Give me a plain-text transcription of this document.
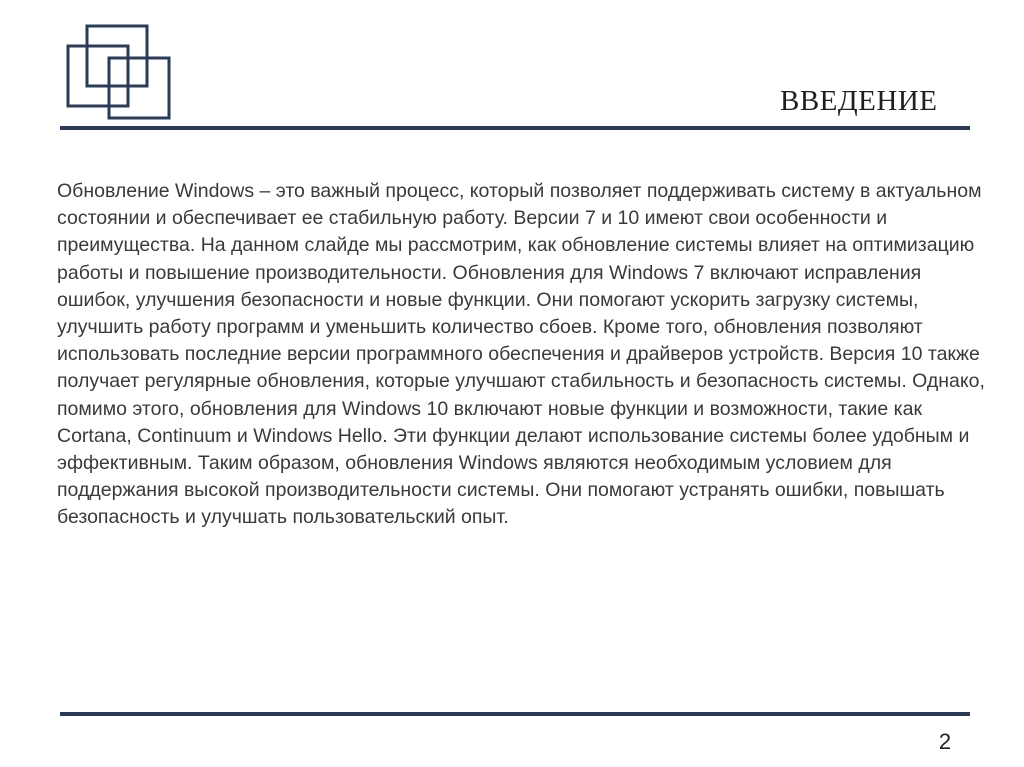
ВВЕДЕНИЕ

Обновление Windows – это важный процесс, который позволяет поддерживать систему в актуальном состоянии и обеспечивает ее стабильную работу. Версии 7 и 10 имеют свои особенности и преимущества. На данном слайде мы рассмотрим, как обновление системы влияет на оптимизацию работы и повышение производительности. Обновления для Windows 7 включают исправления ошибок, улучшения безопасности и новые функции. Они помогают ускорить загрузку системы, улучшить работу программ и уменьшить количество сбоев. Кроме того, обновления позволяют использовать последние версии программного обеспечения и драйверов устройств. Версия 10 также получает регулярные обновления, которые улучшают стабильность и безопасность системы. Однако, помимо этого, обновления для Windows 10 включают новые функции и возможности, такие как Cortana, Continuum и Windows Hello. Эти функции делают использование системы более удобным и эффективным. Таким образом, обновления Windows являются необходимым условием для поддержания высокой производительности системы. Они помогают устранять ошибки, повышать безопасность и улучшать пользовательский опыт.

2
